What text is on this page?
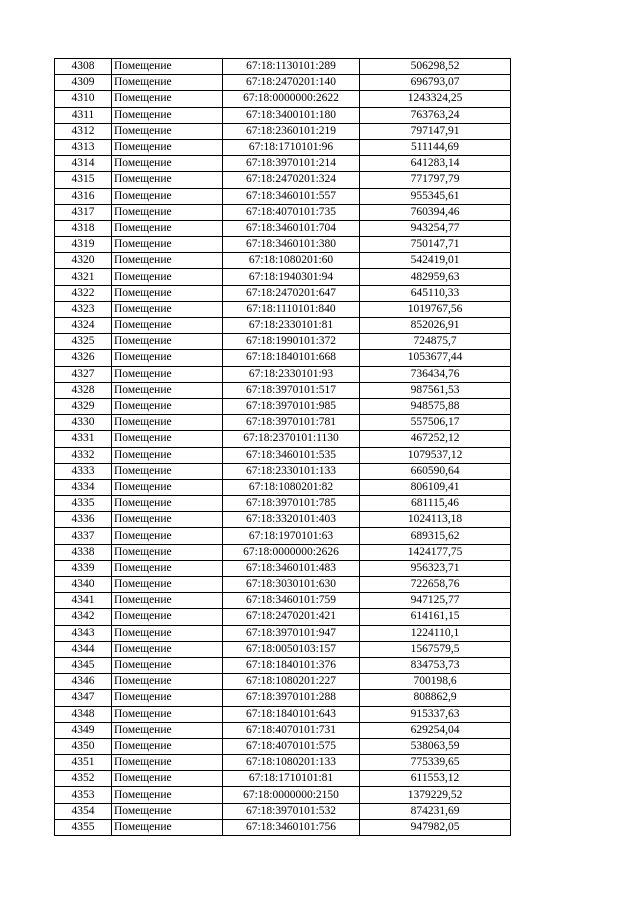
4308	Помещение	67:18:1130101:289	506298,52
4309	Помещение	67:18:2470201:140	696793,07
4310	Помещение	67:18:0000000:2622	1243324,25
4311	Помещение	67:18:3400101:180	763763,24
4312	Помещение	67:18:2360101:219	797147,91
4313	Помещение	67:18:1710101:96	511144,69
4314	Помещение	67:18:3970101:214	641283,14
4315	Помещение	67:18:2470201:324	771797,79
4316	Помещение	67:18:3460101:557	955345,61
4317	Помещение	67:18:4070101:735	760394,46
4318	Помещение	67:18:3460101:704	943254,77
4319	Помещение	67:18:3460101:380	750147,71
4320	Помещение	67:18:1080201:60	542419,01
4321	Помещение	67:18:1940301:94	482959,63
4322	Помещение	67:18:2470201:647	645110,33
4323	Помещение	67:18:1110101:840	1019767,56
4324	Помещение	67:18:2330101:81	852026,91
4325	Помещение	67:18:1990101:372	724875,7
4326	Помещение	67:18:1840101:668	1053677,44
4327	Помещение	67:18:2330101:93	736434,76
4328	Помещение	67:18:3970101:517	987561,53
4329	Помещение	67:18:3970101:985	948575,88
4330	Помещение	67:18:3970101:781	557506,17
4331	Помещение	67:18:2370101:1130	467252,12
4332	Помещение	67:18:3460101:535	1079537,12
4333	Помещение	67:18:2330101:133	660590,64
4334	Помещение	67:18:1080201:82	806109,41
4335	Помещение	67:18:3970101:785	681115,46
4336	Помещение	67:18:3320101:403	1024113,18
4337	Помещение	67:18:1970101:63	689315,62
4338	Помещение	67:18:0000000:2626	1424177,75
4339	Помещение	67:18:3460101:483	956323,71
4340	Помещение	67:18:3030101:630	722658,76
4341	Помещение	67:18:3460101:759	947125,77
4342	Помещение	67:18:2470201:421	614161,15
4343	Помещение	67:18:3970101:947	1224110,1
4344	Помещение	67:18:0050103:157	1567579,5
4345	Помещение	67:18:1840101:376	834753,73
4346	Помещение	67:18:1080201:227	700198,6
4347	Помещение	67:18:3970101:288	808862,9
4348	Помещение	67:18:1840101:643	915337,63
4349	Помещение	67:18:4070101:731	629254,04
4350	Помещение	67:18:4070101:575	538063,59
4351	Помещение	67:18:1080201:133	775339,65
4352	Помещение	67:18:1710101:81	611553,12
4353	Помещение	67:18:0000000:2150	1379229,52
4354	Помещение	67:18:3970101:532	874231,69
4355	Помещение	67:18:3460101:756	947982,05
